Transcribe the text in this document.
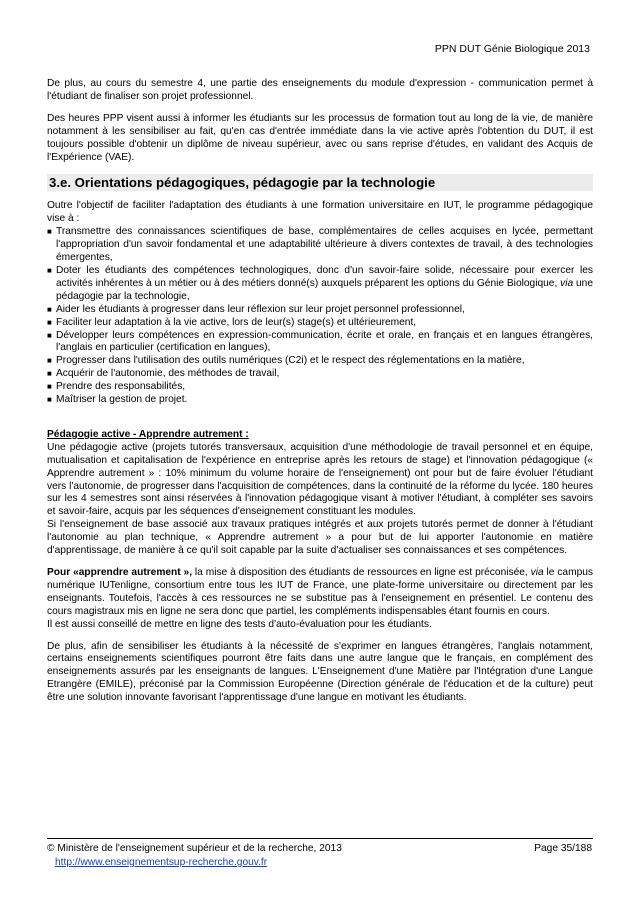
PPN DUT Génie Biologique 2013

De plus, au cours du semestre 4, une partie des enseignements du module d'expression - communication permet à l'étudiant de finaliser son projet professionnel.

Des heures PPP visent aussi à informer les étudiants sur les processus de formation tout au long de la vie, de manière notamment à les sensibiliser au fait, qu'en cas d'entrée immédiate dans la vie active après l'obtention du DUT, il est toujours possible d'obtenir un diplôme de niveau supérieur, avec ou sans reprise d'études, en validant des Acquis de l'Expérience (VAE).

3.e. Orientations pédagogiques, pédagogie par la technologie

Outre l'objectif de faciliter l'adaptation des étudiants à une formation universitaire en IUT, le programme pédagogique vise à :

■ Transmettre des connaissances scientifiques de base, complémentaires de celles acquises en lycée, permettant l'appropriation d'un savoir fondamental et une adaptabilité ultérieure à divers contextes de travail, à des technologies émergentes,
■ Doter les étudiants des compétences technologiques, donc d'un savoir-faire solide, nécessaire pour exercer les activités inhérentes à un métier ou à des métiers donné(s) auxquels préparent les options du Génie Biologique, via une pédagogie par la technologie,
■ Aider les étudiants à progresser dans leur réflexion sur leur projet personnel professionnel,
■ Faciliter leur adaptation à la vie active, lors de leur(s) stage(s) et ultérieurement,
■ Développer leurs compétences en expression-communication, écrite et orale, en français et en langues étrangères, l'anglais en particulier (certification en langues),
■ Progresser dans l'utilisation des outils numériques (C2i) et le respect des réglementations en la matière,
■ Acquérir de l'autonomie, des méthodes de travail,
■ Prendre des responsabilités,
■ Maîtriser la gestion de projet.

Pédagogie active - Apprendre autrement :

Une pédagogie active (projets tutorés transversaux, acquisition d'une méthodologie de travail personnel et en équipe, mutualisation et capitalisation de l'expérience en entreprise après les retours de stage) et l'innovation pédagogique (« Apprendre autrement » : 10% minimum du volume horaire de l'enseignement) ont pour but de faire évoluer l'étudiant vers l'autonomie, de progresser dans l'acquisition de compétences, dans la continuité de la réforme du lycée. 180 heures sur les 4 semestres sont ainsi réservées à l'innovation pédagogique visant à motiver l'étudiant, à compléter ses savoirs et savoir-faire, acquis par les séquences d'enseignement constituant les modules.

Si l'enseignement de base associé aux travaux pratiques intégrés et aux projets tutorés permet de donner à l'étudiant l'autonomie au plan technique, « Apprendre autrement » a pour but de lui apporter l'autonomie en matière d'apprentissage, de manière à ce qu'il soit capable par la suite d'actualiser ses connaissances et ses compétences.

Pour «apprendre autrement », la mise à disposition des étudiants de ressources en ligne est préconisée, via le campus numérique IUTenligne, consortium entre tous les IUT de France, une plate-forme universitaire ou directement par les enseignants. Toutefois, l'accès à ces ressources ne se substitue pas à l'enseignement en présentiel. Le contenu des cours magistraux mis en ligne ne sera donc que partiel, les compléments indispensables étant fournis en cours.

Il est aussi conseillé de mettre en ligne des tests d'auto-évaluation pour les étudiants.

De plus, afin de sensibiliser les étudiants à la nécessité de s'exprimer en langues étrangères, l'anglais notamment, certains enseignements scientifiques pourront être faits dans une autre langue que le français, en complément des enseignements assurés par les enseignants de langues. L'Enseignement d'une Matière par l'Intégration d'une Langue Etrangère (EMILE), préconisé par la Commission Européenne (Direction générale de l'éducation et de la culture) peut être une solution innovante favorisant l'apprentissage d'une langue en motivant les étudiants.

© Ministère de l'enseignement supérieur et de la recherche, 2013	Page 35/188
http://www.enseignementsup-recherche.gouv.fr
